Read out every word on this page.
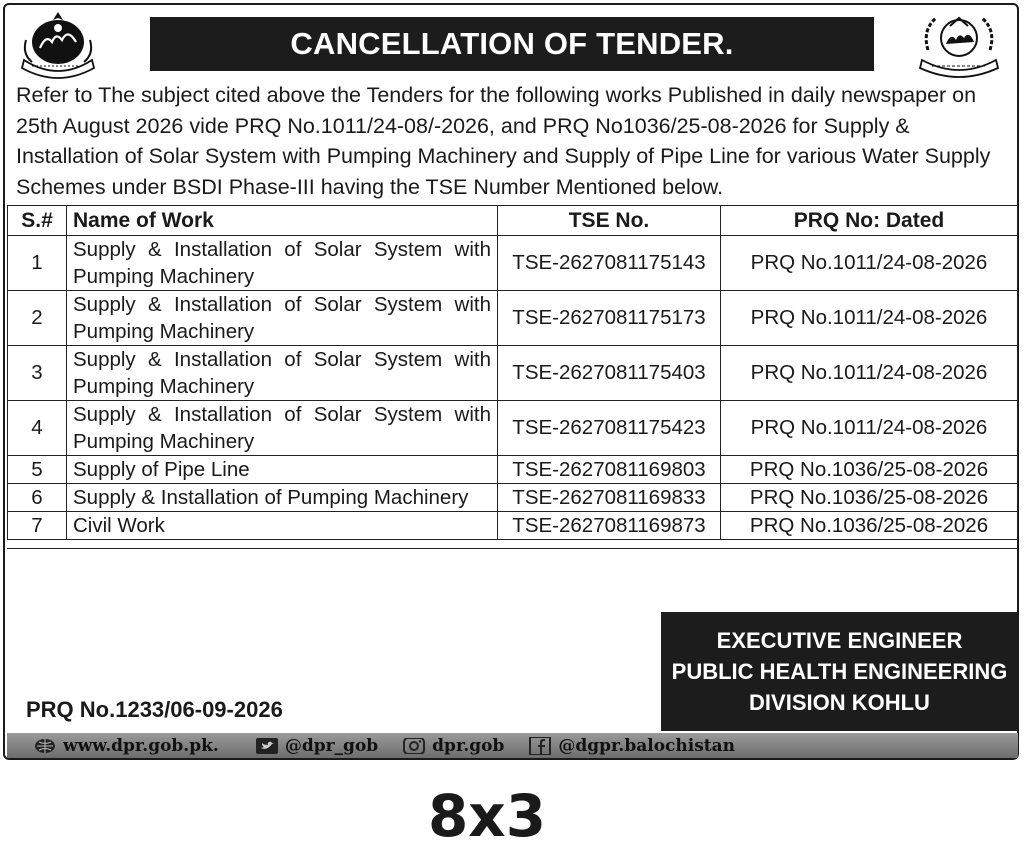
CANCELLATION OF TENDER.
Refer to The subject cited above the Tenders for the following works Published in daily newspaper on 25th August 2026 vide PRQ No.1011/24-08/-2026, and PRQ No1036/25-08-2026 for Supply & Installation of Solar System with Pumping Machinery and Supply of Pipe Line for various Water Supply Schemes under BSDI Phase-III having the TSE Number Mentioned below.
S.#	Name of Work	TSE No.	PRQ No: Dated
1	Supply & Installation of Solar System with Pumping Machinery	TSE-2627081175143	PRQ No.1011/24-08-2026
2	Supply & Installation of Solar System with Pumping Machinery	TSE-2627081175173	PRQ No.1011/24-08-2026
3	Supply & Installation of Solar System with Pumping Machinery	TSE-2627081175403	PRQ No.1011/24-08-2026
4	Supply & Installation of Solar System with Pumping Machinery	TSE-2627081175423	PRQ No.1011/24-08-2026
5	Supply of Pipe Line	TSE-2627081169803	PRQ No.1036/25-08-2026
6	Supply & Installation of Pumping Machinery	TSE-2627081169833	PRQ No.1036/25-08-2026
7	Civil Work	TSE-2627081169873	PRQ No.1036/25-08-2026
EXECUTIVE ENGINEER
PUBLIC HEALTH ENGINEERING
DIVISION KOHLU
PRQ No.1233/06-09-2026
www.dpr.gob.pk.	@dpr_gob	dpr.gob	@dgpr.balochistan
8x3
